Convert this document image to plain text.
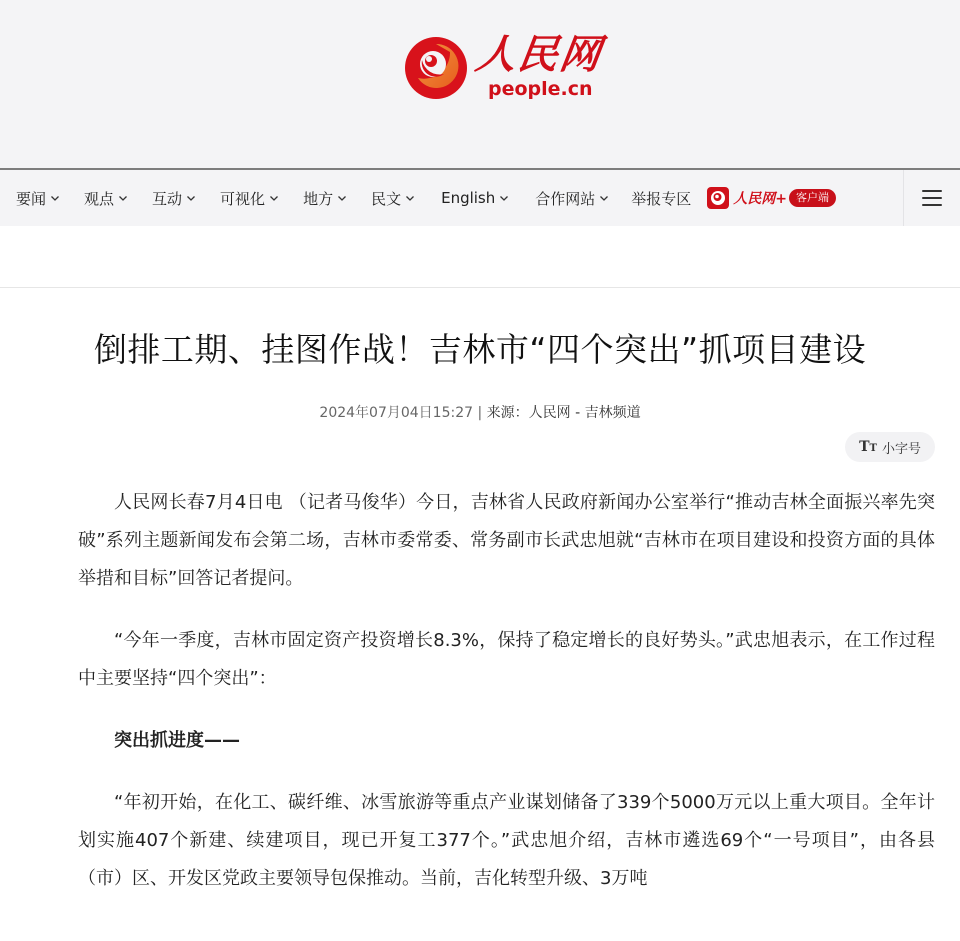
人民网
people.cn
要闻	观点	互动	可视化	地方	民文	English	合作网站 举报专区	人民网+ 客户端
倒排工期、挂图作战！吉林市“四个突出”抓项目建设
2024年07月04日15:27 | 来源：人民网 - 吉林频道
TT 小字号

人民网长春7月4日电 （记者马俊华）今日，吉林省人民政府新闻办公室举行“推动吉林全面振兴率先突破”系列主题新闻发布会第二场，吉林市委常委、常务副市长武忠旭就“吉林市在项目建设和投资方面的具体举措和目标”回答记者提问。

“今年一季度，吉林市固定资产投资增长8.3%，保持了稳定增长的良好势头。”武忠旭表示，在工作过程中主要坚持“四个突出”：

突出抓进度——

“年初开始，在化工、碳纤维、冰雪旅游等重点产业谋划储备了339个5000万元以上重大项目。全年计划实施407个新建、续建项目，现已开复工377个。”武忠旭介绍，吉林市遴选69个“一号项目”，由各县（市）区、开发区党政主要领导包保推动。当前，吉化转型升级、3万吨
